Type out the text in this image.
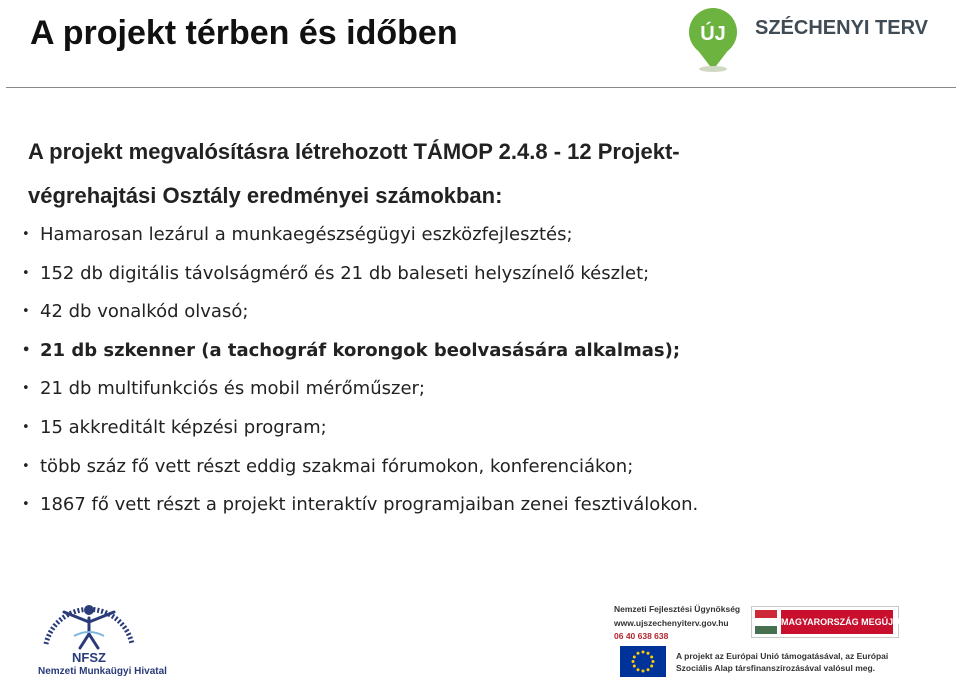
A projekt térben és időben	ÚJ SZÉCHENYI TERV

A projekt megvalósításra létrehozott TÁMOP 2.4.8 - 12 Projekt-
végrehajtási Osztály eredményei számokban:

• Hamarosan lezárul a munkaegészségügyi eszközfejlesztés;
• 152 db digitális távolságmérő és 21 db baleseti helyszínelő készlet;
• 42 db vonalkód olvasó;
• 21 db szkenner (a tachográf korongok beolvasására alkalmas);
• 21 db multifunkciós és mobil mérőműszer;
• 15 akkreditált képzési program;
• több száz fő vett részt eddig szakmai fórumokon, konferenciákon;
• 1867 fő vett részt a projekt interaktív programjaiban zenei fesztiválokon.
NFSZ
Nemzeti Munkaügyi Hivatal
Nemzeti Fejlesztési Ügynökség
www.ujszechenyiterv.gov.hu
06 40 638 638
MAGYARORSZÁG MEGÚJUL
A projekt az Európai Unió támogatásával, az Európai
Szociális Alap társfinanszírozásával valósul meg.
